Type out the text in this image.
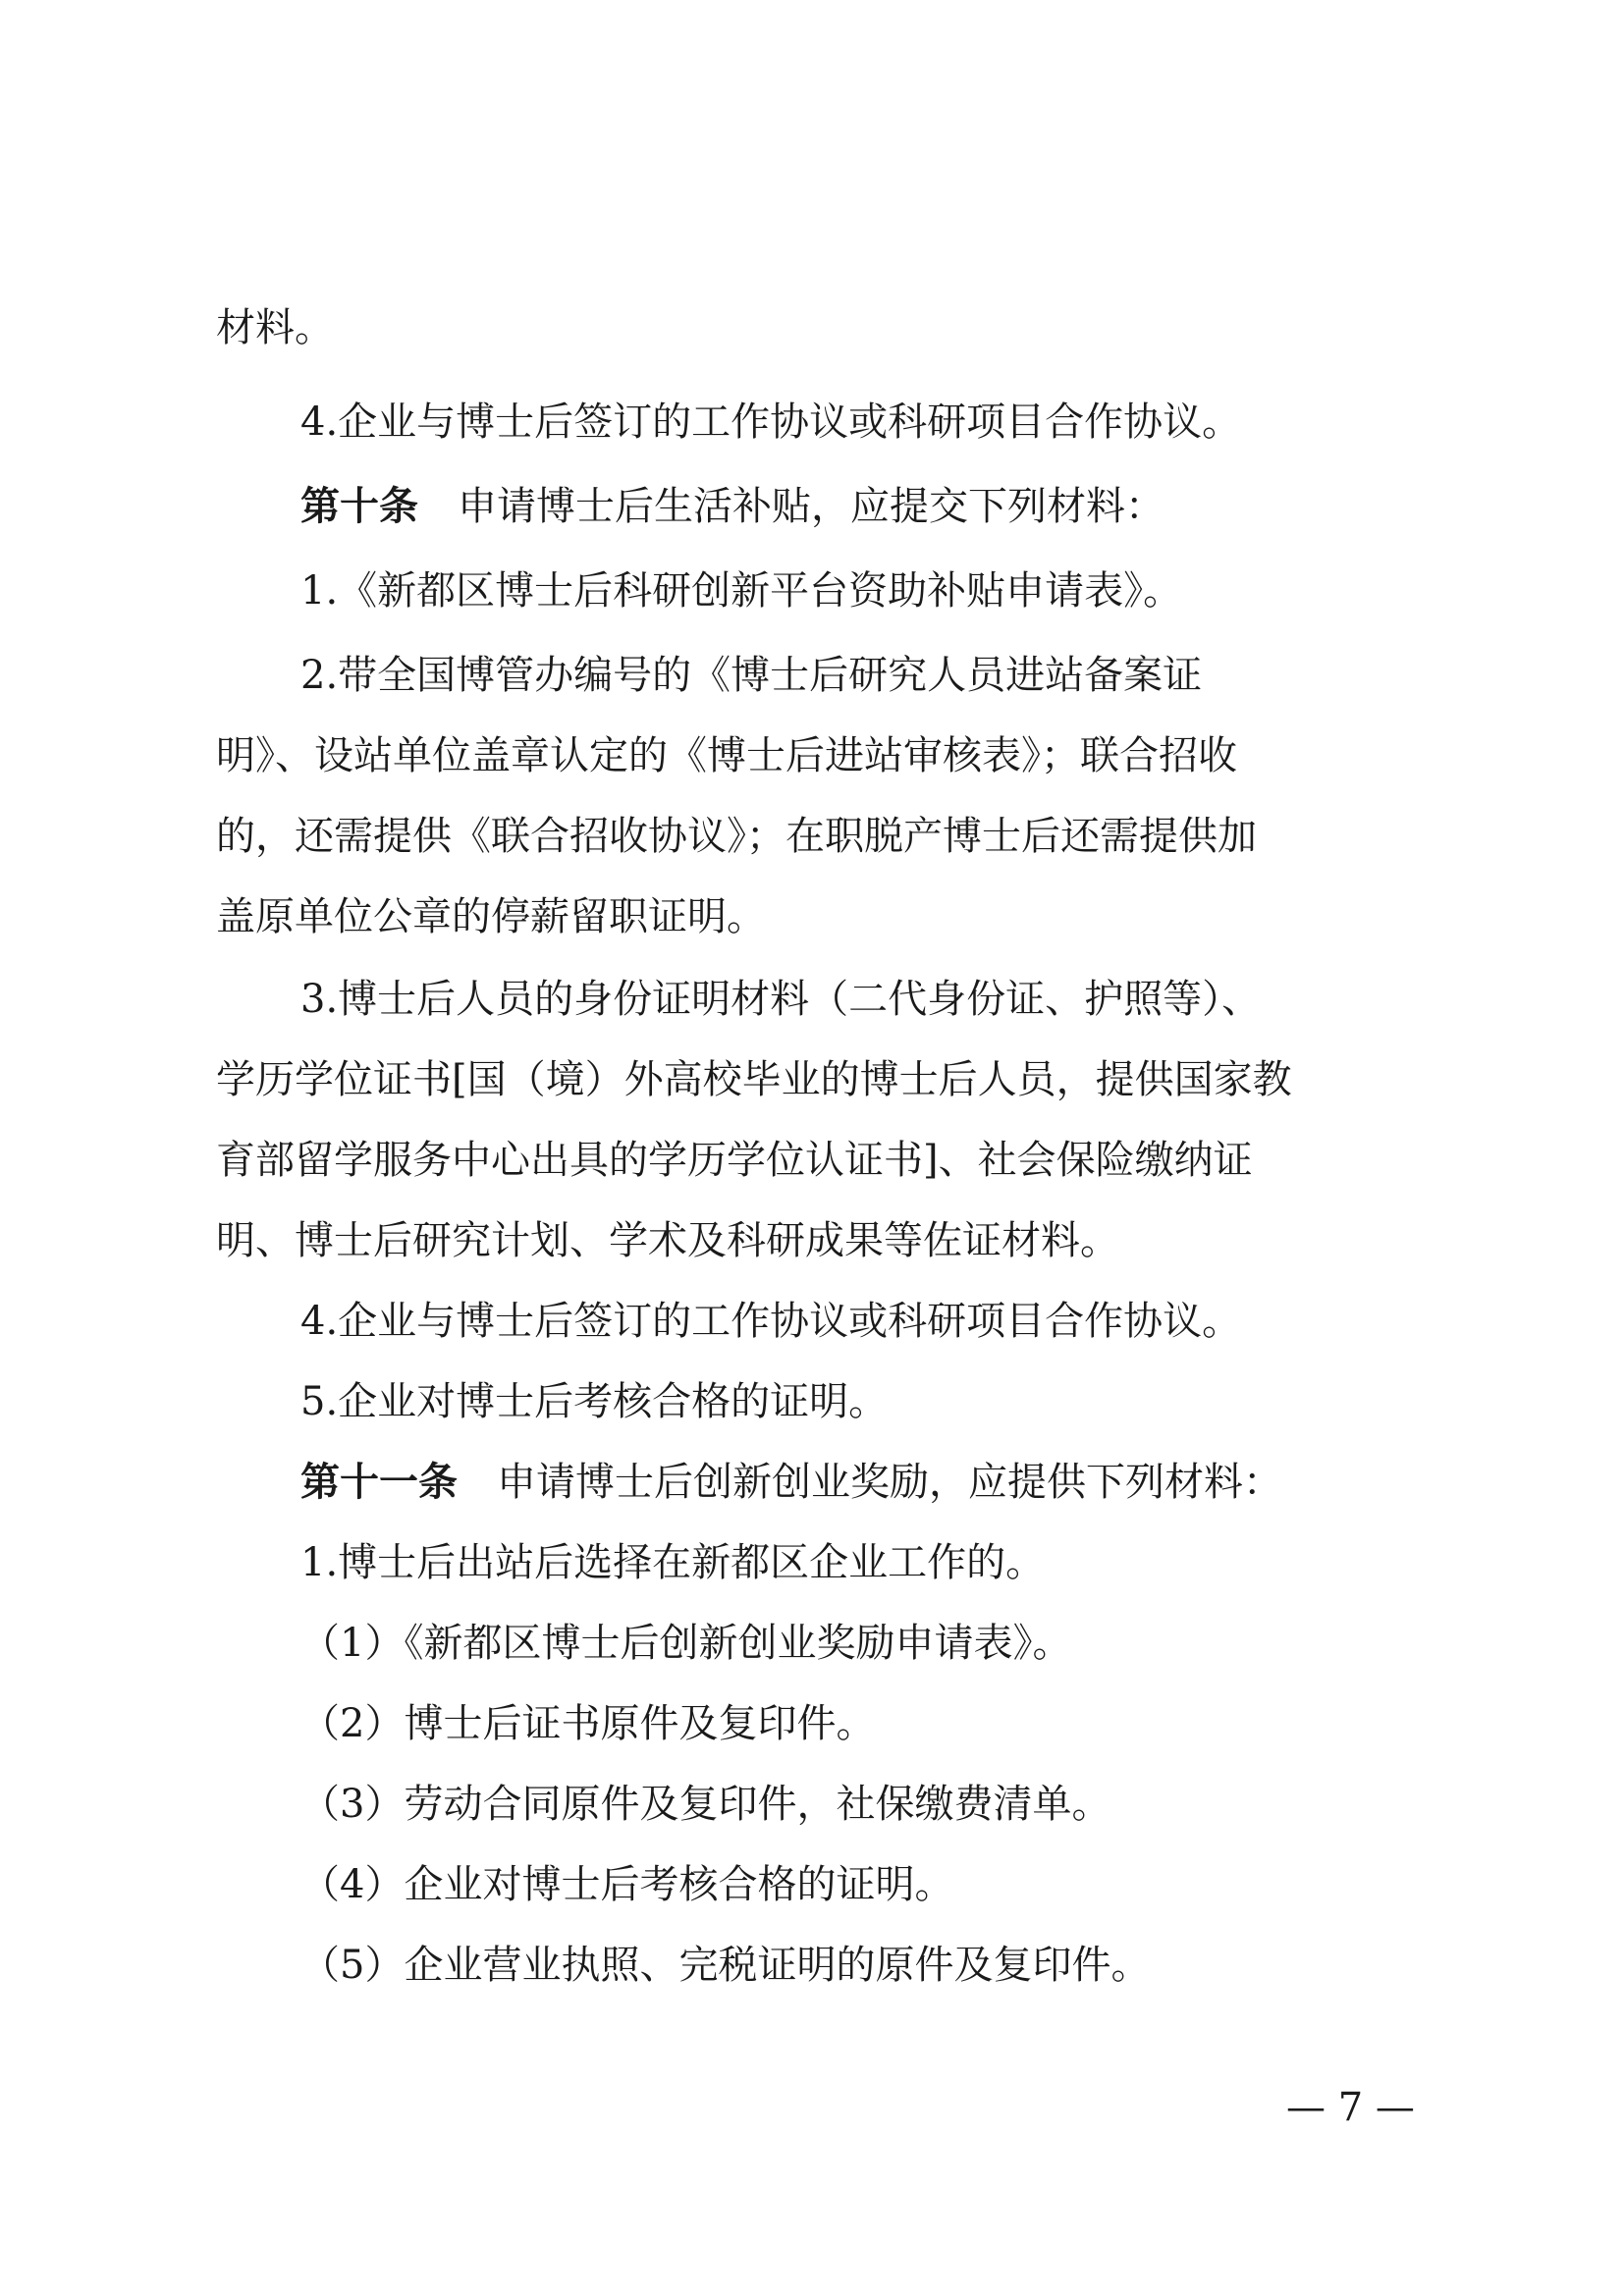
材料。
4.企业与博士后签订的工作协议或科研项目合作协议。
第十条 申请博士后生活补贴，应提交下列材料：
1.《新都区博士后科研创新平台资助补贴申请表》。
2.带全国博管办编号的《博士后研究人员进站备案证
明》、设站单位盖章认定的《博士后进站审核表》；联合招收
的，还需提供《联合招收协议》；在职脱产博士后还需提供加
盖原单位公章的停薪留职证明。
3.博士后人员的身份证明材料（二代身份证、护照等）、
学历学位证书[国（境）外高校毕业的博士后人员，提供国家教
育部留学服务中心出具的学历学位认证书]、社会保险缴纳证
明、博士后研究计划、学术及科研成果等佐证材料。
4.企业与博士后签订的工作协议或科研项目合作协议。
5.企业对博士后考核合格的证明。
第十一条 申请博士后创新创业奖励，应提供下列材料：
1.博士后出站后选择在新都区企业工作的。
（1）《新都区博士后创新创业奖励申请表》。
（2）博士后证书原件及复印件。
（3）劳动合同原件及复印件，社保缴费清单。
（4）企业对博士后考核合格的证明。
（5）企业营业执照、完税证明的原件及复印件。
— 7 —
